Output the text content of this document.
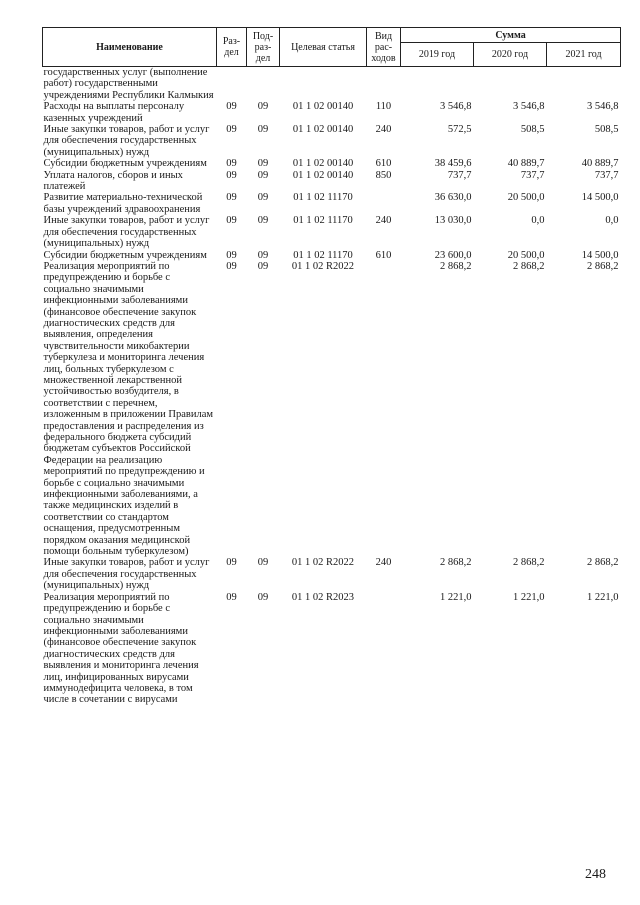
Наименование	Раз-дел	Под-раз-дел	Целевая статья	Вид рас-ходов	Сумма		
					2019 год	2020 год	2021 год
государственных услуг (выполнение работ) государственными учреждениями Республики Калмыкия							
Расходы на выплаты персоналу казенных учреждений	09	09	01 1 02 00140	110	3 546,8	3 546,8	3 546,8
Иные закупки товаров, работ и услуг для обеспечения государственных (муниципальных) нужд	09	09	01 1 02 00140	240	572,5	508,5	508,5
Субсидии бюджетным учреждениям	09	09	01 1 02 00140	610	38 459,6	40 889,7	40 889,7
Уплата налогов, сборов и иных платежей	09	09	01 1 02 00140	850	737,7	737,7	737,7
Развитие материально-технической базы учреждений здравоохранения	09	09	01 1 02 11170		36 630,0	20 500,0	14 500,0
Иные закупки товаров, работ и услуг для обеспечения государственных (муниципальных) нужд	09	09	01 1 02 11170	240	13 030,0	0,0	0,0
Субсидии бюджетным учреждениям	09	09	01 1 02 11170	610	23 600,0	20 500,0	14 500,0
Реализация мероприятий по предупреждению и борьбе с социально значимыми инфекционными заболеваниями (финансовое обеспечение закупок диагностических средств для выявления, определения чувствительности микобактерии туберкулеза и мониторинга лечения лиц, больных туберкулезом с множественной лекарственной устойчивостью возбудителя, в соответствии с перечнем, изложенным в приложении Правилам предоставления и распределения из федерального бюджета субсидий бюджетам субъектов Российской Федерации на реализацию мероприятий по предупреждению и борьбе с социально значимыми инфекционными заболеваниями, а также медицинских изделий в соответствии со стандартом оснащения, предусмотренным порядком оказания медицинской помощи больным туберкулезом)	09	09	01 1 02 R2022		2 868,2	2 868,2	2 868,2
Иные закупки товаров, работ и услуг для обеспечения государственных (муниципальных) нужд	09	09	01 1 02 R2022	240	2 868,2	2 868,2	2 868,2
Реализация мероприятий по предупреждению и борьбе с социально значимыми инфекционными заболеваниями (финансовое обеспечение закупок диагностических средств для выявления и мониторинга лечения лиц, инфицированных вирусами иммунодефицита человека, в том числе в сочетании с вирусами	09	09	01 1 02 R2023		1 221,0	1 221,0	1 221,0
248
